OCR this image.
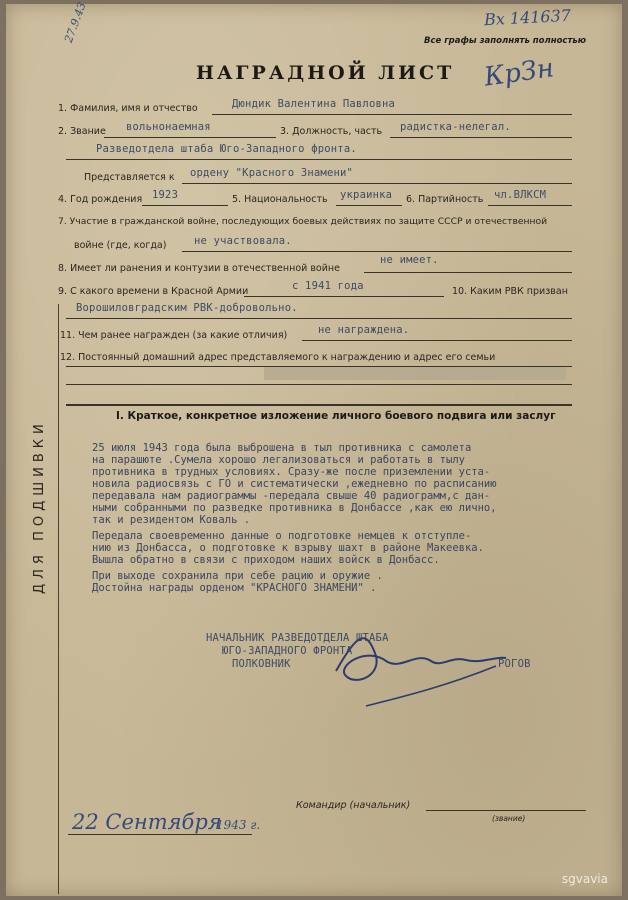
Вх 141637
27.9.43	Все графы заполнять полностью
НАГРАДНОЙ ЛИСТ КрЗн
1. Фамилия, имя и отчество	Дюндик Валентина Павловна
2. Звание вольнонаемная	3. Должность, часть радистка-нелегал.
Разведотдела штаба Юго-Западного фронта.
Представляется к ордену "Красного Знамени"
4. Год рождения 1923	5. Национальность украинка 6. Партийность чл.ВЛКСМ
7. Участие в гражданской войне, последующих боевых действиях по защите СССР и отечественной
войне (где, когда)	не участвовала.
8. Имеет ли ранения и контузии в отечественной войне
не имеет.
9. С какого времени в Красной Армии	с 1941 года	10. Каким РВК призван
Ворошиловградским РВК-добровольно.
11. Чем ранее награжден (за какие отличия)	не награждена.
12. Постоянный домашний адрес представляемого к награждению и адрес его семьи
ДЛЯ ПОДШИВКИ
I. Краткое, конкретное изложение личного боевого подвига или заслуг
25 июля 1943 года была выброшена в тыл противника с самолета
на парашюте .Сумела хорошо легализоваться и работать в тылу
противника в трудных условиях. Сразу-же после приземлении уста-
новила радиосвязь с ГО и систематически ,ежедневно по расписанию
передавала нам радиограммы -передала свыше 40 радиограмм,с дан-
ными собранными по разведке противника в Донбассе ,как ею лично,
так и резидентом Коваль .
Передала своевременно данные о подготовке немцев к отступле-
нию из Донбасса, о подготовке к взрыву шахт в районе Макеевка.
Вышла обратно в связи с приходом наших войск в Донбасс.
При выходе сохранила при себе рацию и оружие .
Достойна награды орденом "КРАСНОГО ЗНАМЕНИ" .
НАЧАЛЬНИК РАЗВЕДОТДЕЛА ШТАБА
ЮГО-ЗАПАДНОГО ФРОНТА
ПОЛКОВНИК	РОГОВ
22 Сентября
1943 г.
Командир (начальник)
(звание)
sgvavia
